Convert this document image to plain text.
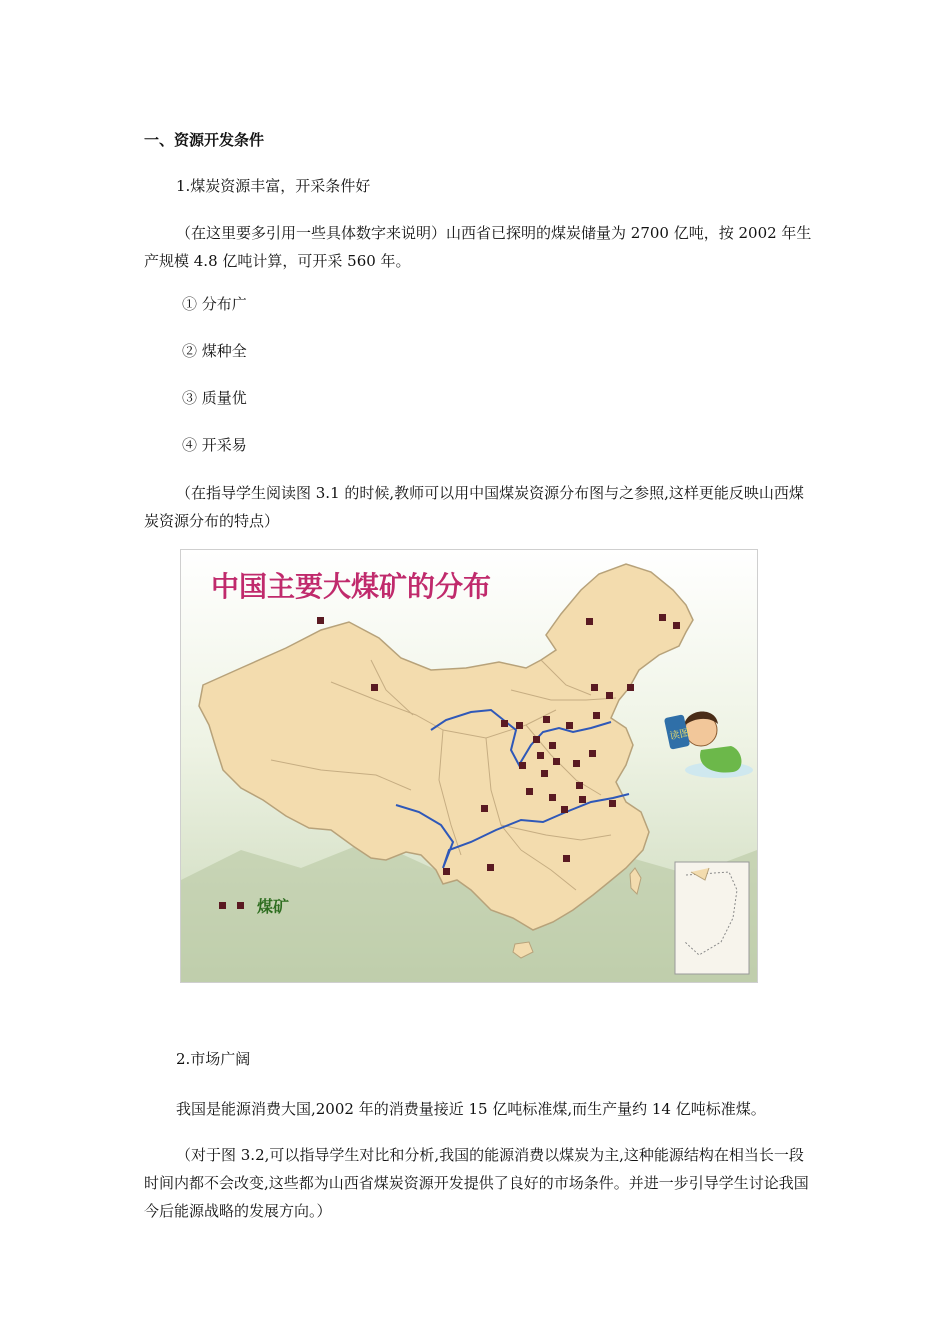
一、资源开发条件
1.煤炭资源丰富，开采条件好
（在这里要多引用一些具体数字来说明）山西省已探明的煤炭储量为 2700 亿吨，按 2002 年生产规模 4.8 亿吨计算，可开采 560 年。
① 分布广
② 煤种全
③ 质量优
④ 开采易
（在指导学生阅读图 3.1 的时候,教师可以用中国煤炭资源分布图与之参照,这样更能反映山西煤炭资源分布的特点）
中国主要大煤矿的分布
煤矿
读图
2.市场广阔
我国是能源消费大国,2002 年的消费量接近 15 亿吨标准煤,而生产量约 14 亿吨标准煤。
（对于图 3.2,可以指导学生对比和分析,我国的能源消费以煤炭为主,这种能源结构在相当长一段时间内都不会改变,这些都为山西省煤炭资源开发提供了良好的市场条件。并进一步引导学生讨论我国今后能源战略的发展方向。）
